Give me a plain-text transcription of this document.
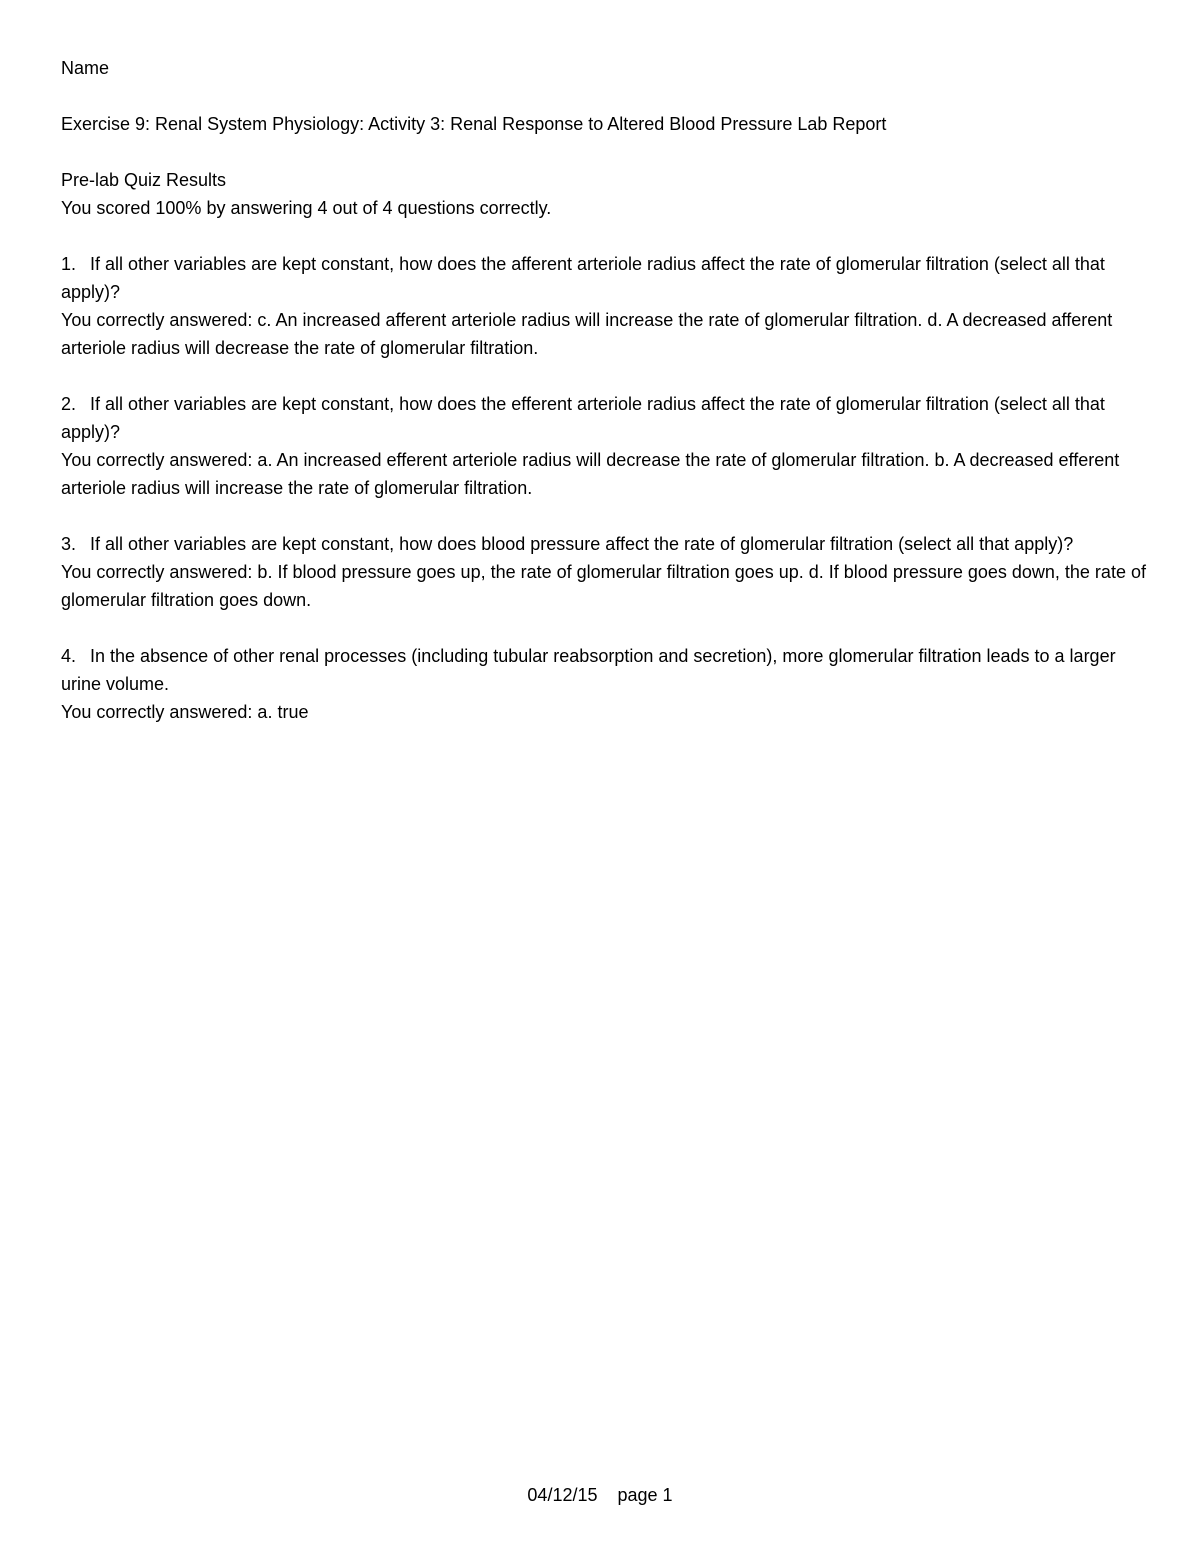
Name
Exercise 9: Renal System Physiology: Activity 3: Renal Response to Altered Blood Pressure Lab Report
Pre-lab Quiz Results
You scored 100% by answering 4 out of 4 questions correctly.
1. If all other variables are kept constant, how does the afferent arteriole radius affect the rate of glomerular filtration (select all that apply)?
You correctly answered: c. An increased afferent arteriole radius will increase the rate of glomerular filtration. d. A decreased afferent arteriole radius will decrease the rate of glomerular filtration.
2. If all other variables are kept constant, how does the efferent arteriole radius affect the rate of glomerular filtration (select all that apply)?
You correctly answered: a. An increased efferent arteriole radius will decrease the rate of glomerular filtration. b. A decreased efferent arteriole radius will increase the rate of glomerular filtration.
3. If all other variables are kept constant, how does blood pressure affect the rate of glomerular filtration (select all that apply)?
You correctly answered: b. If blood pressure goes up, the rate of glomerular filtration goes up. d. If blood pressure goes down, the rate of glomerular filtration goes down.
4. In the absence of other renal processes (including tubular reabsorption and secretion), more glomerular filtration leads to a larger urine volume.
You correctly answered: a. true
04/12/15 page 1
